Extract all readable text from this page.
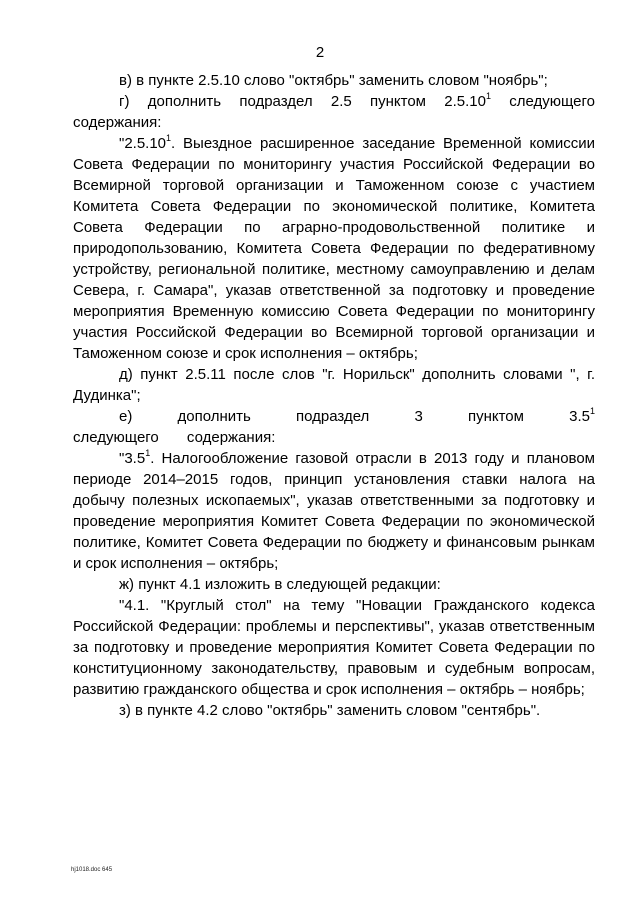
2

в) в пункте 2.5.10 слово "октябрь" заменить словом "ноябрь";

г) дополнить подраздел 2.5 пунктом 2.5.10$^1$ следующего содержания:

"2.5.10$^1$. Выездное расширенное заседание Временной комиссии Совета Федерации по мониторингу участия Российской Федерации во Всемирной торговой организации и Таможенном союзе с участием Комитета Совета Федерации по экономической политике, Комитета Совета Федерации по аграрно-продовольственной политике и природопользованию, Комитета Совета Федерации по федеративному устройству, региональной политике, местному самоуправлению и делам Севера, г. Самара", указав ответственной за подготовку и проведение мероприятия Временную комиссию Совета Федерации по мониторингу участия Российской Федерации во Всемирной торговой организации и Таможенном союзе и срок исполнения – октябрь;

д) пункт 2.5.11 после слов "г. Норильск" дополнить словами ", г. Дудинка";

е) дополнить подраздел 3 пунктом $3.5^1$ следующего содержания:

"$3.5^1$. Налогообложение газовой отрасли в 2013 году и плановом периоде 2014–2015 годов, принцип установления ставки налога на добычу полезных ископаемых", указав ответственными за подготовку и проведение мероприятия Комитет Совета Федерации по экономической политике, Комитет Совета Федерации по бюджету и финансовым рынкам и срок исполнения – октябрь;

ж) пункт 4.1 изложить в следующей редакции:

"4.1. "Круглый стол" на тему "Новации Гражданского кодекса Российской Федерации: проблемы и перспективы", указав ответственным за подготовку и проведение мероприятия Комитет Совета Федерации по конституционному законодательству, правовым и судебным вопросам, развитию гражданского общества и срок исполнения – октябрь – ноябрь;

з) в пункте 4.2 слово "октябрь" заменить словом "сентябрь".

hj1018.doc 645
